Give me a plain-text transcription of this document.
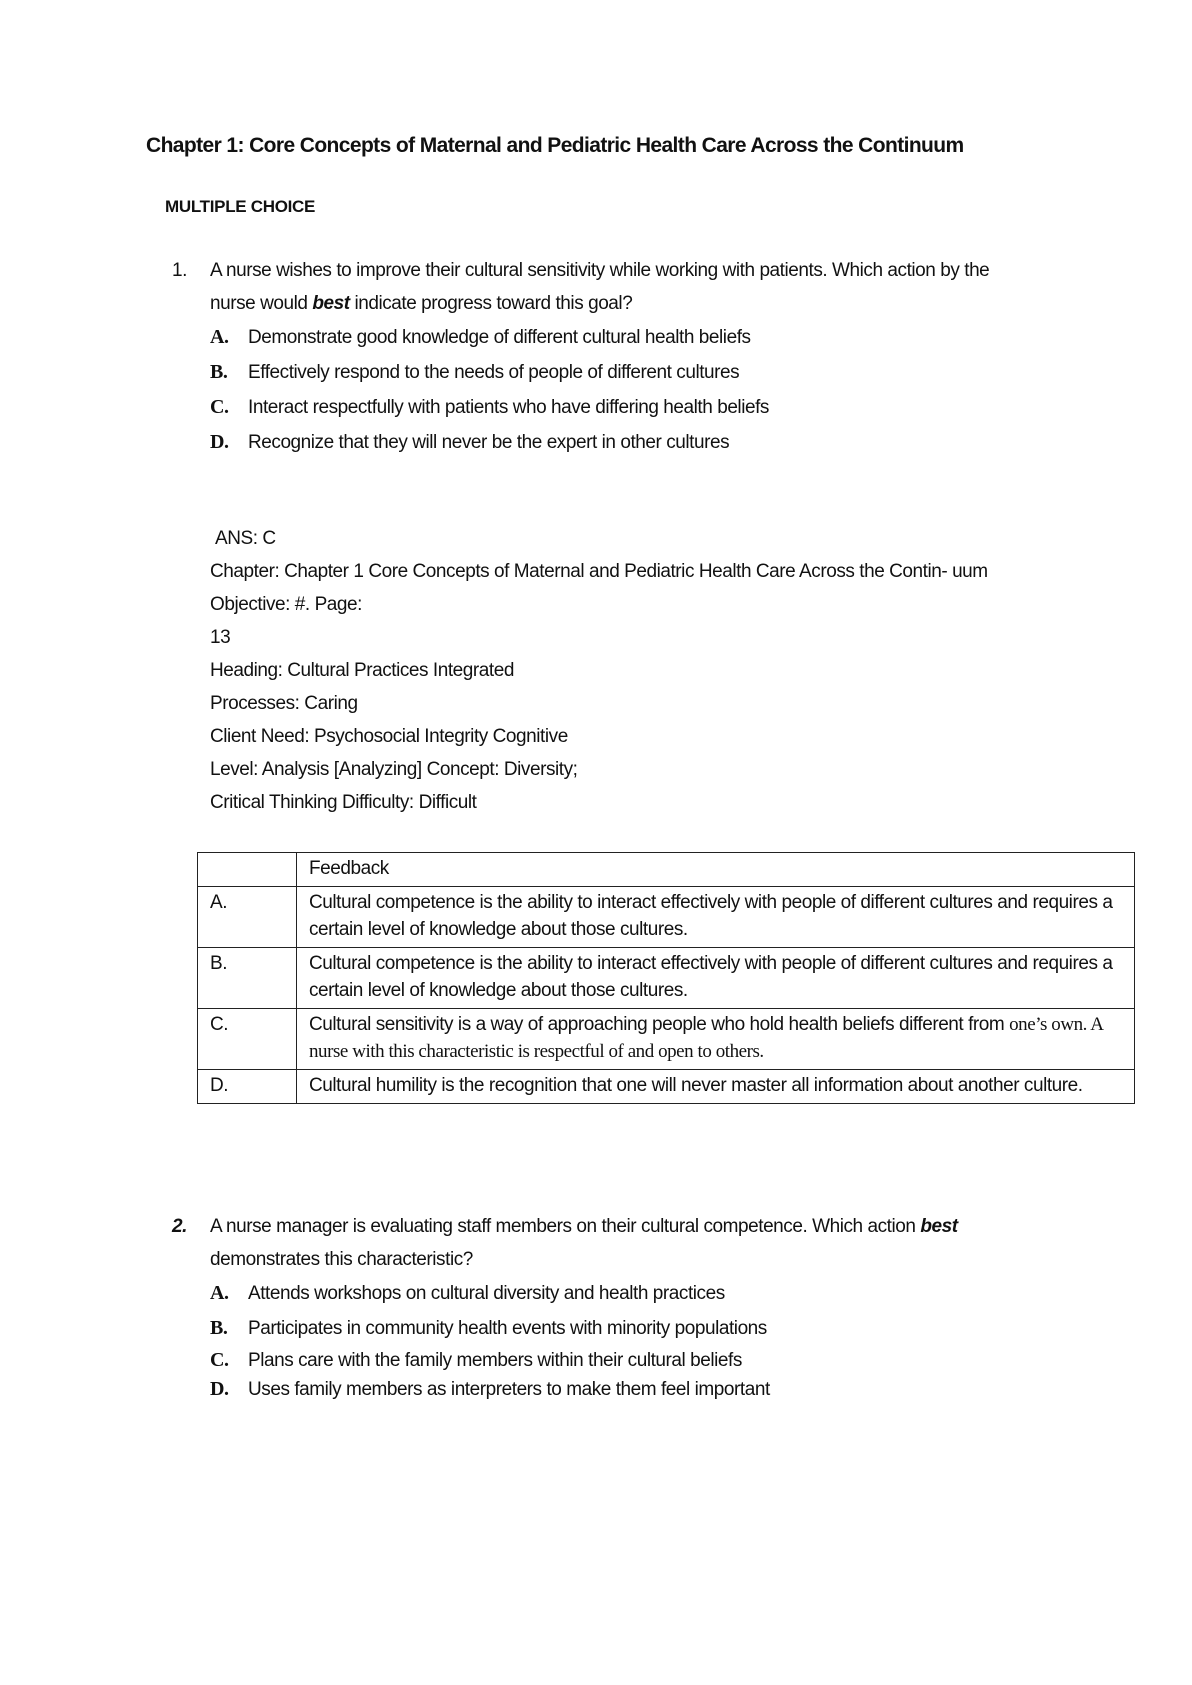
Chapter 1: Core Concepts of Maternal and Pediatric Health Care Across the Continuum
MULTIPLE CHOICE
1. A nurse wishes to improve their cultural sensitivity while working with patients. Which action by the
nurse would best indicate progress toward this goal?
A.	Demonstrate good knowledge of different cultural health beliefs
B.	Effectively respond to the needs of people of different cultures
C.	Interact respectfully with patients who have differing health beliefs
D.	Recognize that they will never be the expert in other cultures
ANS: C
Chapter: Chapter 1 Core Concepts of Maternal and Pediatric Health Care Across the Contin- uum
Objective: #. Page:
13
Heading: Cultural Practices Integrated
Processes: Caring
Client Need: Psychosocial Integrity Cognitive
Level: Analysis [Analyzing] Concept: Diversity;
Critical Thinking Difficulty: Difficult
	Feedback
A.	Cultural competence is the ability to interact effectively with people of different cultures and requires a certain level of knowledge about those cultures.
B.	Cultural competence is the ability to interact effectively with people of different cultures and requires a certain level of knowledge about those cultures.
C.	Cultural sensitivity is a way of approaching people who hold health beliefs different from one’s own. A nurse with this characteristic is respectful of and open to others.
D.	Cultural humility is the recognition that one will never master all information about another culture.
2. A nurse manager is evaluating staff members on their cultural competence. Which action best
demonstrates this characteristic?
A.	Attends workshops on cultural diversity and health practices
B.	Participates in community health events with minority populations
C.	Plans care with the family members within their cultural beliefs
D.	Uses family members as interpreters to make them feel important
